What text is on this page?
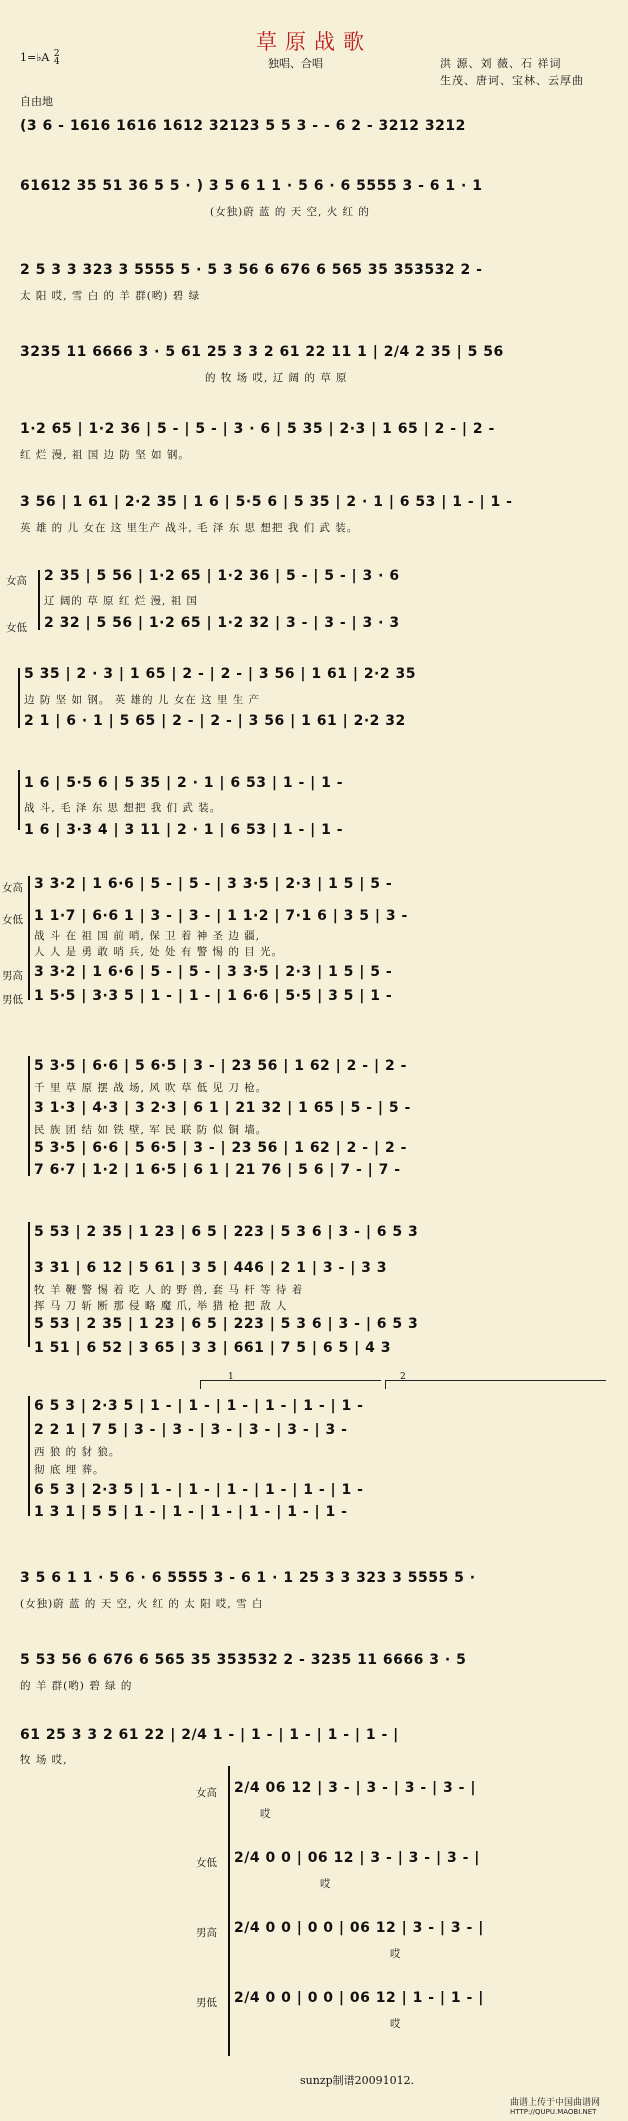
草原战歌
1=♭A 2
4	独唱、合唱	洪 源、刘 薇、石 祥词
生茂、唐诃、宝林、云厚曲
自由地
(3 6 - 1616 1616 1612 32123 5 5 3 - - 6 2 - 3212 3212
61612 35 51 36 5 5 · ) 3 5 6 1 1 · 5 6 · 6 5555 3 - 6 1 · 1
(女独)蔚 蓝 的 天 空, 火 红 的
2 5 3 3 323 3 5555 5 · 5 3 56 6 676 6 565 35 353532 2 -
太 阳 哎, 雪 白 的 羊 群(哟) 碧 绿
3235 11 6666 3 · 5 61 25 3 3 2 61 22 11 1 | 2/4 2 35 | 5 56
的 牧 场 哎, 辽 阔 的 草 原
1·2 65 | 1·2 36 | 5 - | 5 - | 3 · 6 | 5 35 | 2·3 | 1 65 | 2 - | 2 -
红 烂 漫, 祖 国 边 防 坚 如 钢。
3 56 | 1 61 | 2·2 35 | 1 6 | 5·5 6 | 5 35 | 2 · 1 | 6 53 | 1 - | 1 -
英 雄 的 儿 女在 这 里生产 战斗, 毛 泽 东 思 想把 我 们 武 装。
女高 2 35 | 5 56 | 1·2 65 | 1·2 36 | 5 - | 5 - | 3 · 6
辽 阔的 草 原 红 烂 漫, 祖 国
女低 2 32 | 5 56 | 1·2 65 | 1·2 32 | 3 - | 3 - | 3 · 3
5 35 | 2 · 3 | 1 65 | 2 - | 2 - | 3 56 | 1 61 | 2·2 35
边 防 坚 如 钢。 英 雄的 儿 女在 这 里 生 产
2 1 | 6 · 1 | 5 65 | 2 - | 2 - | 3 56 | 1 61 | 2·2 32
1 6 | 5·5 6 | 5 35 | 2 · 1 | 6 53 | 1 - | 1 -
战 斗, 毛 泽 东 思 想把 我 们 武 装。
1 6 | 3·3 4 | 3 11 | 2 · 1 | 6 53 | 1 - | 1 -
女高 3 3·2 | 1 6·6 | 5 - | 5 - | 3 3·5 | 2·3 | 1 5 | 5 -
女低 1 1·7 | 6·6 1 | 3 - | 3 - | 1 1·2 | 7·1 6 | 3 5 | 3 -
战 斗 在 祖 国 前 哨, 保 卫 着 神 圣 边 疆,
人 人 是 勇 敢 哨 兵, 处 处 有 警 惕 的 目 光。
男高 3 3·2 | 1 6·6 | 5 - | 5 - | 3 3·5 | 2·3 | 1 5 | 5 -
男低 1 5·5 | 3·3 5 | 1 - | 1 - | 1 6·6 | 5·5 | 3 5 | 1 -
5 3·5 | 6·6 | 5 6·5 | 3 - | 23 56 | 1 62 | 2 - | 2 -
千 里 草 原 摆 战 场, 风 吹 草 低 见 刀 枪。
3 1·3 | 4·3 | 3 2·3 | 6 1 | 21 32 | 1 65 | 5 - | 5 -
民 族 团 结 如 铁 壁, 军 民 联 防 似 铜 墙。
5 3·5 | 6·6 | 5 6·5 | 3 - | 23 56 | 1 62 | 2 - | 2 -
7 6·7 | 1·2 | 1 6·5 | 6 1 | 21 76 | 5 6 | 7 - | 7 -
5 53 | 2 35 | 1 23 | 6 5 | 223 | 5 3 6 | 3 - | 6 5 3
3 31 | 6 12 | 5 61 | 3 5 | 446 | 2 1 | 3 - | 3 3
牧 羊 鞭 警 惕 着 吃 人 的 野 兽, 套 马 杆 等 待 着
挥 马 刀 斩 断 那 侵 略 魔 爪, 举 猎 枪 把 敌 人
5 53 | 2 35 | 1 23 | 6 5 | 223 | 5 3 6 | 3 - | 6 5 3
1 51 | 6 52 | 3 65 | 3 3 | 661 | 7 5 | 6 5 | 4 3
1	2
6 5 3 | 2·3 5 | 1 - | 1 - | 1 - | 1 - | 1 - | 1 -
2 2 1 | 7 5 | 3 - | 3 - | 3 - | 3 - | 3 - | 3 -
西 狼 的 豺 狼。
彻 底 埋 葬。
6 5 3 | 2·3 5 | 1 - | 1 - | 1 - | 1 - | 1 - | 1 -
1 3 1 | 5 5 | 1 - | 1 - | 1 - | 1 - | 1 - | 1 -
3 5 6 1 1 · 5 6 · 6 5555 3 - 6 1 · 1 25 3 3 323 3 5555 5 ·
(女独)蔚 蓝 的 天 空, 火 红 的 太 阳 哎, 雪 白
5 53 56 6 676 6 565 35 353532 2 - 3235 11 6666 3 · 5
的 羊 群(哟) 碧 绿 的
61 25 3 3 2 61 22 | 2/4 1 - | 1 - | 1 - | 1 - | 1 - |
牧 场 哎,
女高 2/4 06 12 | 3 - | 3 - | 3 - | 3 - |
哎
女低 2/4 0 0 | 06 12 | 3 - | 3 - | 3 - |
哎
男高 2/4 0 0 | 0 0 | 06 12 | 3 - | 3 - |
哎
男低 2/4 0 0 | 0 0 | 06 12 | 1 - | 1 - |
哎
sunzp制谱20091012.
曲谱上传于中国曲谱网
HTTP://QUPU.MAOBI.NET
